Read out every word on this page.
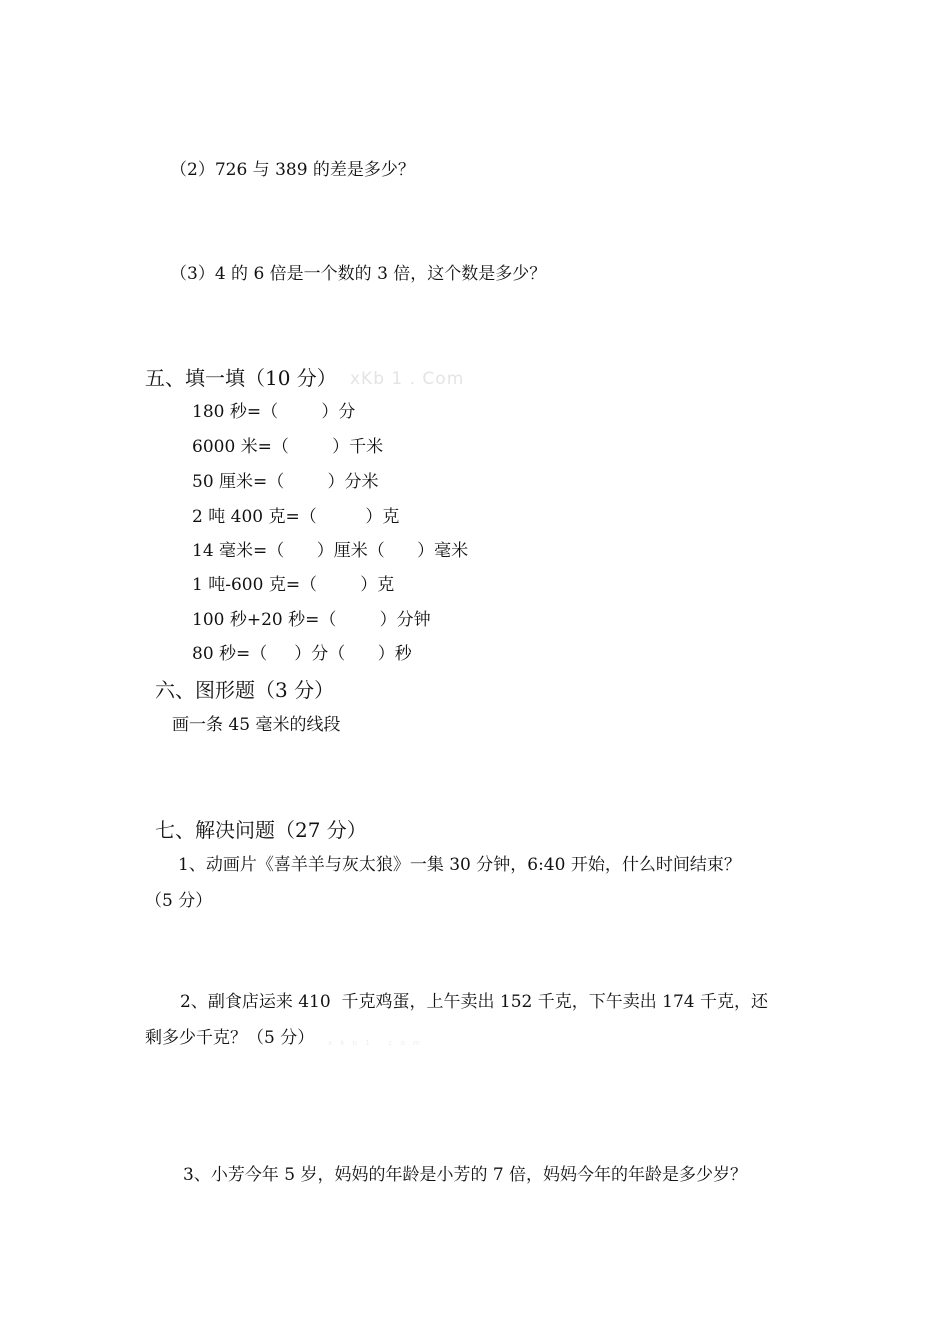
（2）726 与 389 的差是多少？
（3）4 的 6 倍是一个数的 3 倍，这个数是多少？
五、填一填（10 分） xKb 1 . Com
180 秒=（        ）分
6000 米=（        ）千米
50 厘米=（        ）分米
2 吨 400 克=（         ）克
14 毫米=（      ）厘米（      ）毫米
1 吨-600 克=（        ）克
100 秒+20 秒=（        ）分钟
80 秒=（     ）分（      ）秒
六、图形题（3 分）
画一条 45 毫米的线段
七、解决问题（27 分）
1、动画片《喜羊羊与灰太狼》一集 30 分钟，6:40 开始，什么时间结束？
（5 分）
2、副食店运来 410  千克鸡蛋，上午卖出 152 千克，下午卖出 174 千克，还
剩多少千克？（5 分） x k b 1 . c o m
3、小芳今年 5 岁，妈妈的年龄是小芳的 7 倍，妈妈今年的年龄是多少岁？
